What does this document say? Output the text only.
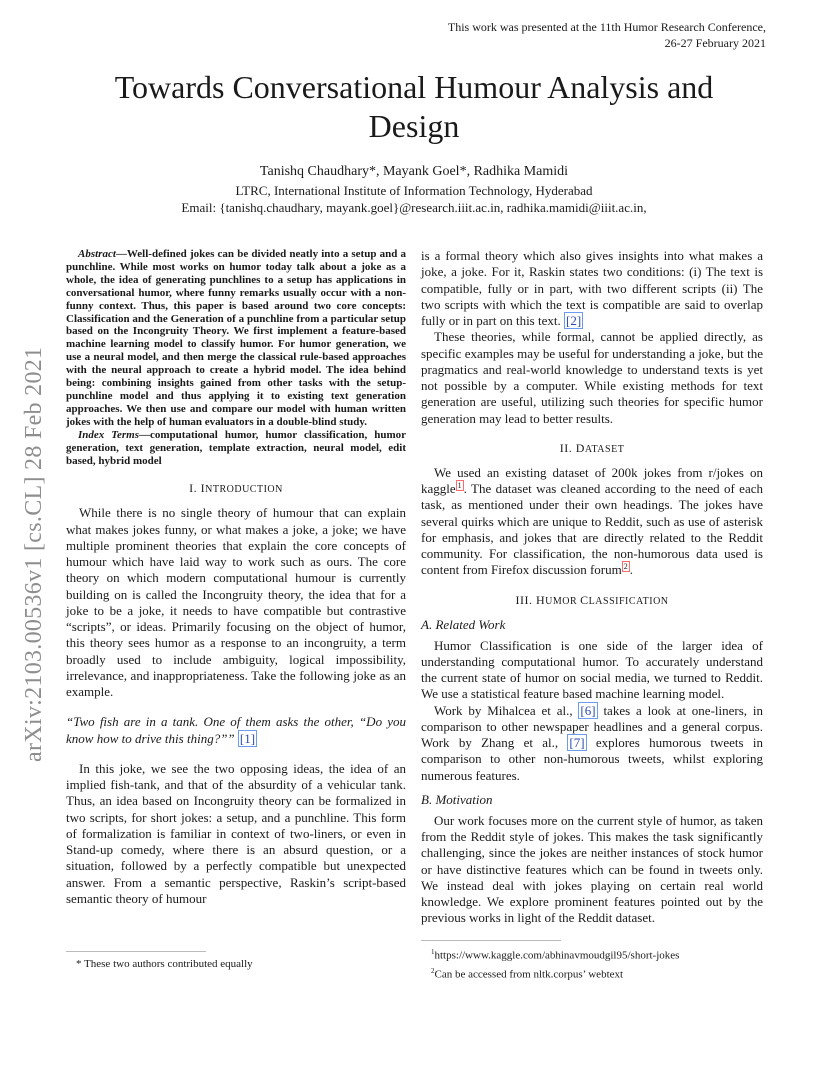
This work was presented at the 11th Humor Research Conference,
26-27 February 2021
arXiv:2103.00536v1 [cs.CL] 28 Feb 2021
Towards Conversational Humour Analysis and Design
Tanishq Chaudhary*, Mayank Goel*, Radhika Mamidi
LTRC, International Institute of Information Technology, Hyderabad
Email: {tanishq.chaudhary, mayank.goel}@research.iiit.ac.in, radhika.mamidi@iiit.ac.in,

Abstract—Well-defined jokes can be divided neatly into a setup and a punchline. While most works on humor today talk about a joke as a whole, the idea of generating punchlines to a setup has applications in conversational humor, where funny remarks usually occur with a non-funny context. Thus, this paper is based around two core concepts: Classification and the Generation of a punchline from a particular setup based on the Incongruity Theory. We first implement a feature-based machine learning model to classify humor. For humor generation, we use a neural model, and then merge the classical rule-based approaches with the neural approach to create a hybrid model. The idea behind being: combining insights gained from other tasks with the setup-punchline model and thus applying it to existing text generation approaches. We then use and compare our model with human written jokes with the help of human evaluators in a double-blind study.

Index Terms—computational humor, humor classification, humor generation, text generation, template extraction, neural model, edit based, hybrid model

I. INTRODUCTION

While there is no single theory of humour that can explain what makes jokes funny, or what makes a joke, a joke; we have multiple prominent theories that explain the core concepts of humour which have laid way to work such as ours. The core theory on which modern computational humour is currently building on is called the Incongruity theory, the idea that for a joke to be a joke, it needs to have compatible but contrastive “scripts”, or ideas. Primarily focusing on the object of humor, this theory sees humor as a response to an incongruity, a term broadly used to include ambiguity, logical impossibility, irrelevance, and inappropriateness. Take the following joke as an example.

“Two fish are in a tank. One of them asks the other, “Do you know how to drive this thing?”” [1]

In this joke, we see the two opposing ideas, the idea of an implied fish-tank, and that of the absurdity of a vehicular tank. Thus, an idea based on Incongruity theory can be formalized in two scripts, for short jokes: a setup, and a punchline. This form of formalization is familiar in context of two-liners, or even in Stand-up comedy, where there is an absurd question, or a situation, followed by a perfectly compatible but unexpected answer. From a semantic perspective, Raskin’s script-based semantic theory of humour

is a formal theory which also gives insights into what makes a joke, a joke. For it, Raskin states two conditions: (i) The text is compatible, fully or in part, with two different scripts (ii) The two scripts with which the text is compatible are said to overlap fully or in part on this text. [2]

These theories, while formal, cannot be applied directly, as specific examples may be useful for understanding a joke, but the pragmatics and real-world knowledge to understand texts is yet not possible by a computer. While existing methods for text generation are useful, utilizing such theories for specific humor generation may lead to better results.

II. DATASET

We used an existing dataset of 200k jokes from r/jokes on kaggle $^1$ . The dataset was cleaned according to the need of each task, as mentioned under their own headings. The jokes have several quirks which are unique to Reddit, such as use of asterisk for emphasis, and jokes that are directly related to the Reddit community. For classification, the non-humorous data used is content from Firefox discussion forum $^2$ .

III. HUMOR CLASSIFICATION
A. Related Work

Humor Classification is one side of the larger idea of understanding computational humor. To accurately understand the current state of humor on social media, we turned to Reddit. We use a statistical feature based machine learning model.

Work by Mihalcea et al., [6] takes a look at one-liners, in comparison to other newspaper headlines and a general corpus. Work by Zhang et al., [7] explores humorous tweets in comparison to other non-humorous tweets, whilst exploring numerous features.

B. Motivation

Our work focuses more on the current style of humor, as taken from the Reddit style of jokes. This makes the task significantly challenging, since the jokes are neither instances of stock humor or have distinctive features which can be found in tweets only. We instead deal with jokes playing on certain real world knowledge. We explore prominent features pointed out by the previous works in light of the Reddit dataset.

* These two authors contributed equally
$^1$https://www.kaggle.com/abhinavmoudgil95/short-jokes
$^2$Can be accessed from nltk.corpus’ webtext
